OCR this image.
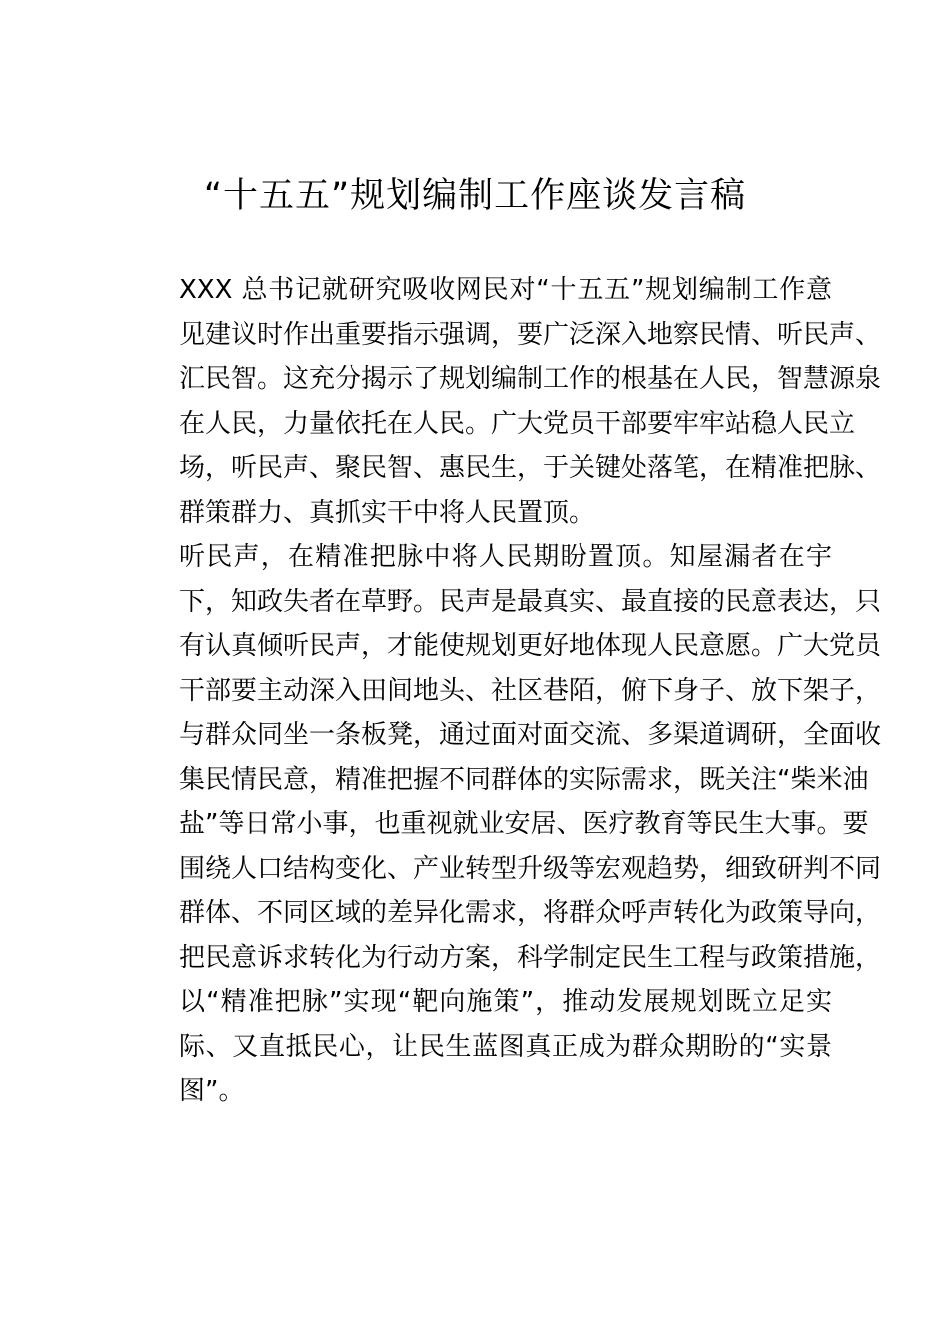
“十五五”规划编制工作座谈发言稿
XXX 总书记就研究吸收网民对“十五五”规划编制工作意
见建议时作出重要指示强调，要广泛深入地察民情、听民声、
汇民智。这充分揭示了规划编制工作的根基在人民，智慧源泉
在人民，力量依托在人民。广大党员干部要牢牢站稳人民立
场，听民声、聚民智、惠民生，于关键处落笔，在精准把脉、
群策群力、真抓实干中将人民置顶。
听民声，在精准把脉中将人民期盼置顶。知屋漏者在宇
下，知政失者在草野。民声是最真实、最直接的民意表达，只
有认真倾听民声，才能使规划更好地体现人民意愿。广大党员
干部要主动深入田间地头、社区巷陌，俯下身子、放下架子，
与群众同坐一条板凳，通过面对面交流、多渠道调研，全面收
集民情民意，精准把握不同群体的实际需求，既关注“柴米油
盐”等日常小事，也重视就业安居、医疗教育等民生大事。要
围绕人口结构变化、产业转型升级等宏观趋势，细致研判不同
群体、不同区域的差异化需求，将群众呼声转化为政策导向，
把民意诉求转化为行动方案，科学制定民生工程与政策措施，
以“精准把脉”实现“靶向施策”，推动发展规划既立足实
际、又直抵民心，让民生蓝图真正成为群众期盼的“实景
图”。
